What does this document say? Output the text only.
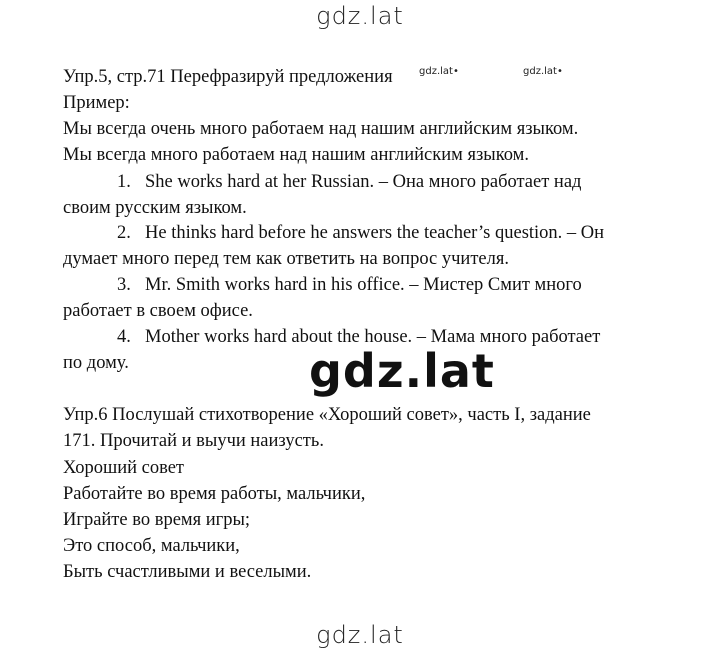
gdz.lat
gdz.lat•	gdz.lat•
Упр.5, стр.71 Перефразируй предложения
Пример:
Мы всегда очень много работаем над нашим английским языком.
Мы всегда много работаем над нашим английским языком.
1. She works hard at her Russian. – Она много работает над
своим русским языком.
2. He thinks hard before he answers the teacher’s question. – Он
думает много перед тем как ответить на вопрос учителя.
3. Mr. Smith works hard in his office. – Мистер Смит много
работает в своем офисе.
4. Mother works hard about the house. – Мама много работает
по дому.	gdz.lat
Упр.6 Послушай стихотворение «Хороший совет», часть I, задание
171. Прочитай и выучи наизусть.
Хороший совет
Работайте во время работы, мальчики,
Играйте во время игры;
Это способ, мальчики,
Быть счастливыми и веселыми.
gdz.lat
